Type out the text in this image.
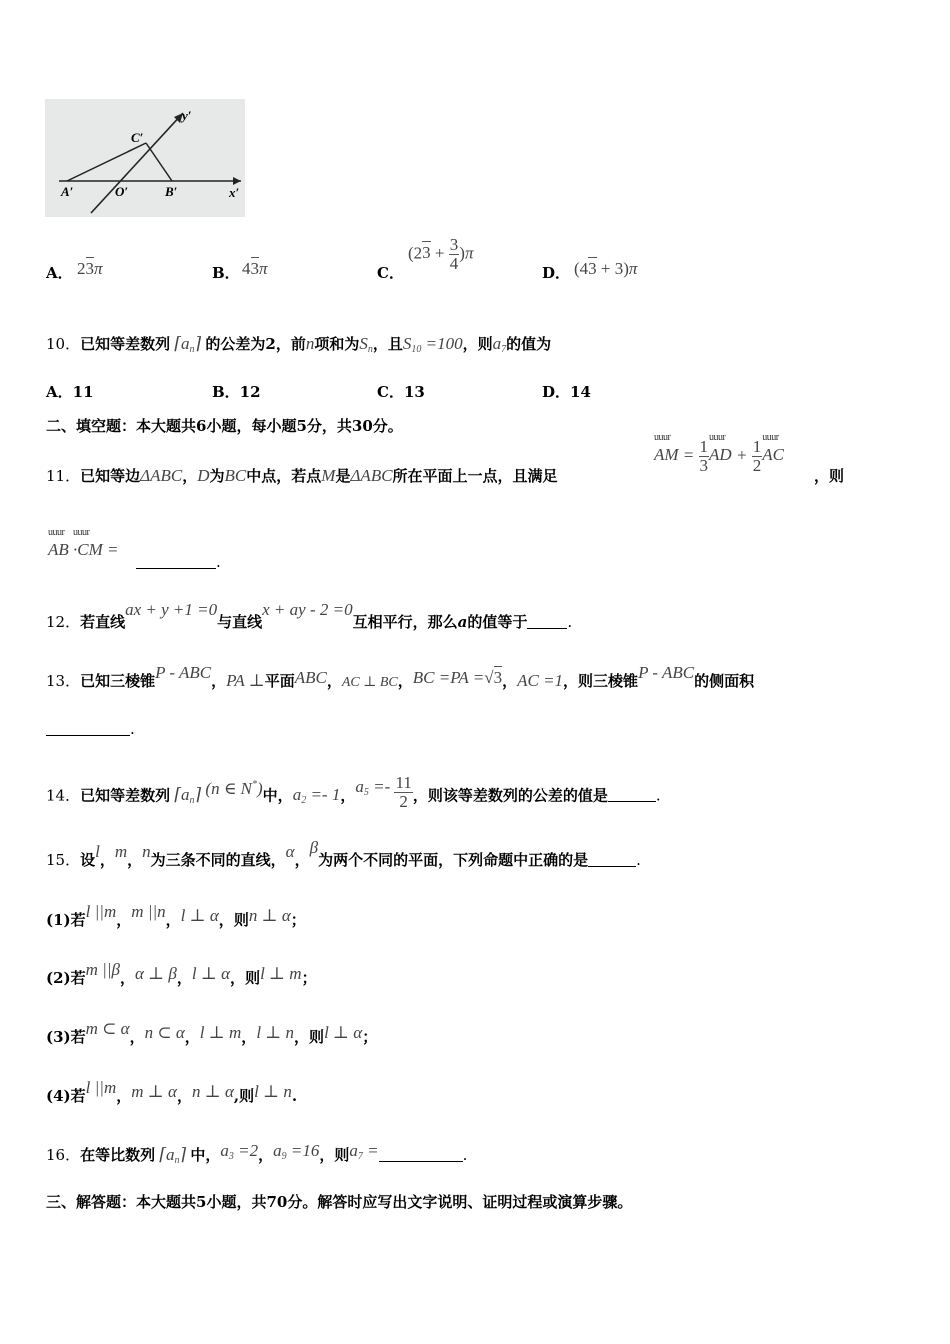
y′
x′
A′	O′	B′
C′
A． 23π	B． 43π	C．
$(23 + \frac{3}{4} )\pi$
D． (43 + 3)π
10．已知等差数列 $⌈a_n⌉$ 的公差为2，前n项和为$S_n$，且$S_{10} =100$，则$a_7$的值为
A．11	B．12	C．13	D．14
二、填空题：本大题共6小题，每小题5分，共30分。
11．已知等边ΔABC，D为BC中点，若点M是ΔABC所在平面上一点，且满足
uuur AM = $\frac{1}{3}$ uuur AD + $\frac{1}{2}$ uuur AC
，则
uuur AB uuur ·CM =
.
12．若直线ax + y +1 =0与直线x + ay - 2 =0互相平行，那么a的值等于	.
13．已知三棱锥P - ABC，PA ⊥平面ABC，AC ⊥ BC，BC =PA =√3，AC =1，则三棱锥P - ABC的侧面积
.
14．已知等差数列 $⌈a_n⌉$ (n ∈ N*)中，$a_2 =- 1$，$a_5 =- \frac{11}{2}$ ，则该等差数列的公差的值是	.
15．设l，m，n为三条不同的直线，α，β为两个不同的平面，下列命题中正确的是	.
(1)若l ||m，m ||n，l ⊥ α，则n ⊥ α；
(2)若m ||β，α ⊥ β，l ⊥ α，则l ⊥ m；
(3)若m ⊂ α，n ⊂ α，l ⊥ m，l ⊥ n，则l ⊥ α；
(4)若l ||m，m ⊥ α，n ⊥ α,则l ⊥ n.
16．在等比数列 $⌈a_n⌉$ 中，$a_3 =2$，$a_9 =16$，则$a_7$ =	.
三、解答题：本大题共5小题，共70分。解答时应写出文字说明、证明过程或演算步骤。
